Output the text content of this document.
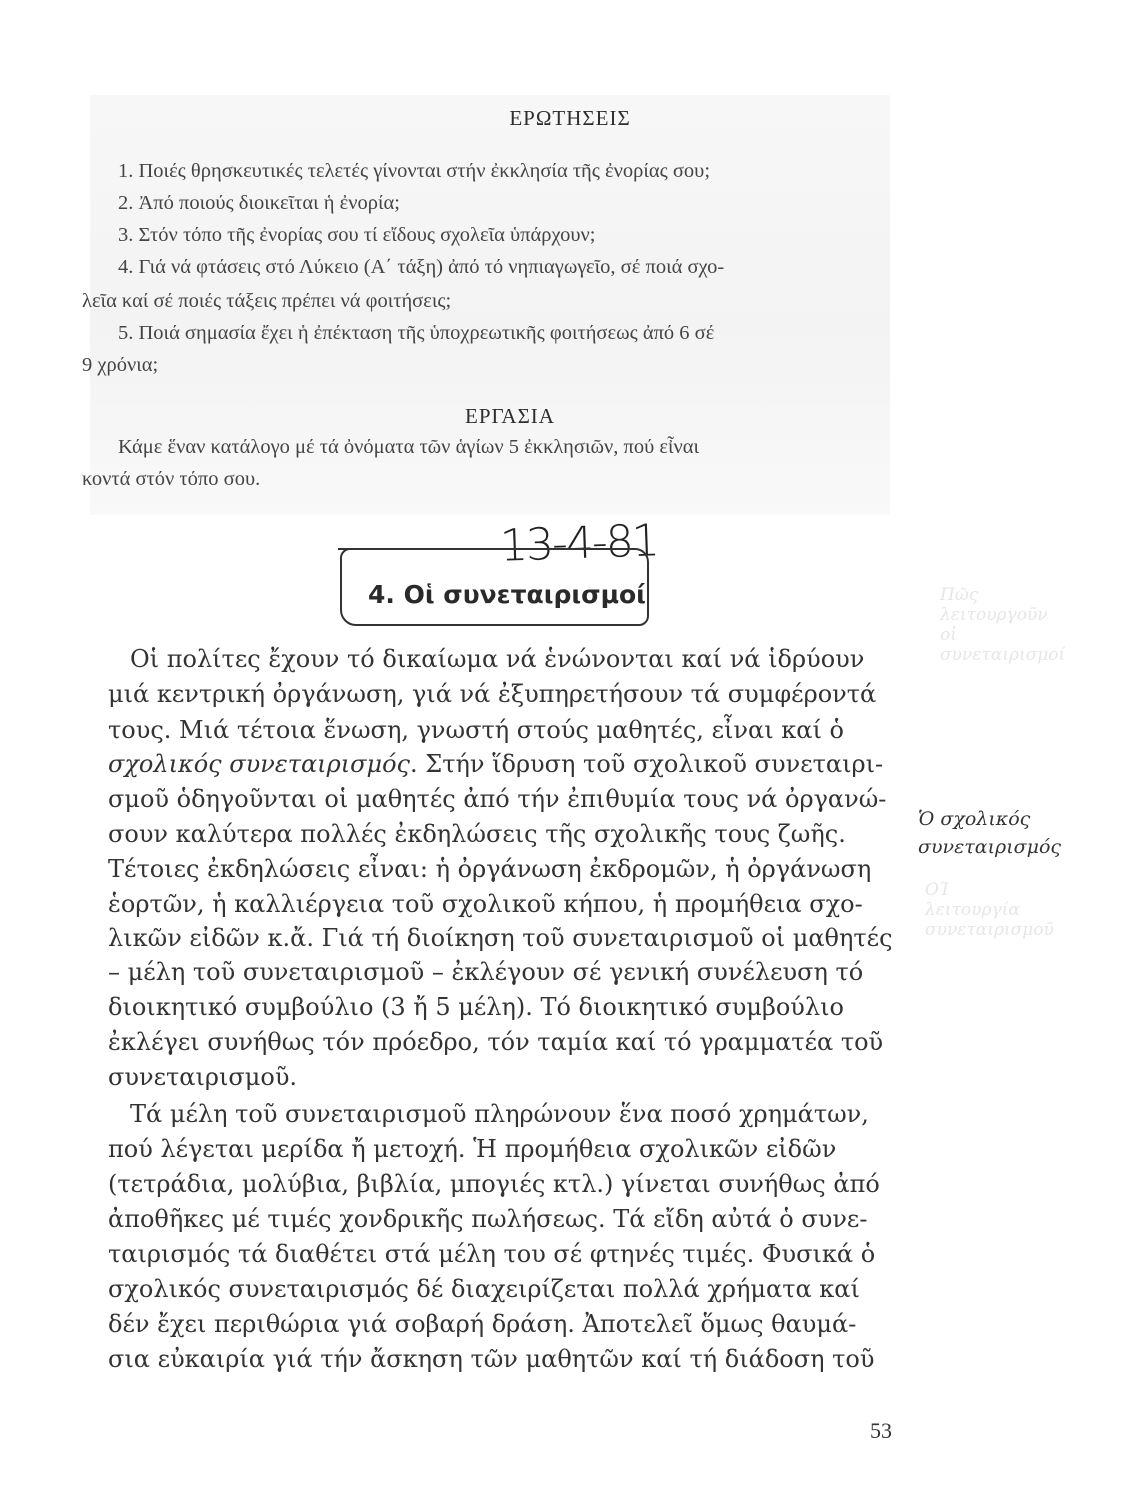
ΕΡΩΤΗΣΕΙΣ
1. Ποιές θρησκευτικές τελετές γίνονται στήν ἐκκλησία τῆς ἐνορίας σου;
2. Ἀπό ποιούς διοικεῖται ἡ ἐνορία;
3. Στόν τόπο τῆς ἐνορίας σου τί εἴδους σχολεῖα ὑπάρχουν;
4. Γιά νά φτάσεις στό Λύκειο (Α΄ τάξη) ἀπό τό νηπιαγωγεῖο, σέ ποιά σχο-
λεῖα καί σέ ποιές τάξεις πρέπει νά φοιτήσεις;
5. Ποιά σημασία ἔχει ἡ ἐπέκταση τῆς ὑποχρεωτικῆς φοιτήσεως ἀπό 6 σέ
9 χρόνια;
ΕΡΓΑΣΙΑ
Κάμε ἕναν κατάλογο μέ τά ὀνόματα τῶν ἁγίων 5 ἐκκλησιῶν, πού εἶναι
κοντά στόν τόπο σου.
13-4-81
4. Οἱ συνεταιρισμοί	Πῶς
λειτουργοῦν
οἱ
συνεταιρισμοί
Οἱ πολίτες ἔχουν τό δικαίωμα νά ἑνώνονται καί νά ἱδρύουν
μιά κεντρική ὀργάνωση, γιά νά ἐξυπηρετήσουν τά συμφέροντά
τους. Μιά τέτοια ἕνωση, γνωστή στούς μαθητές, εἶναι καί ὁ
σχολικός συνεταιρισμός. Στήν ἵδρυση τοῦ σχολικοῦ συνεταιρι-
σμοῦ ὁδηγοῦνται οἱ μαθητές ἀπό τήν ἐπιθυμία τους νά ὀργανώ-
σουν καλύτερα πολλές ἐκδηλώσεις τῆς σχολικῆς τους ζωῆς.
Τέτοιες ἐκδηλώσεις εἶναι: ἡ ὀργάνωση ἐκδρομῶν, ἡ ὀργάνωση
ἑορτῶν, ἡ καλλιέργεια τοῦ σχολικοῦ κήπου, ἡ προμήθεια σχο-
λικῶν εἰδῶν κ.ἄ. Γιά τή διοίκηση τοῦ συνεταιρισμοῦ οἱ μαθητές
– μέλη τοῦ συνεταιρισμοῦ – ἐκλέγουν σέ γενική συνέλευση τό
διοικητικό συμβούλιο (3 ἤ 5 μέλη). Τό διοικητικό συμβούλιο
ἐκλέγει συνήθως τόν πρόεδρο, τόν ταμία καί τό γραμματέα τοῦ
συνεταιρισμοῦ.
Ὁ σχολικός
συνεταιρισμός
ΟΊ
λειτουργία
συνεταιρισμοῦ
Τά μέλη τοῦ συνεταιρισμοῦ πληρώνουν ἕνα ποσό χρημάτων,
πού λέγεται μερίδα ἤ μετοχή. Ἡ προμήθεια σχολικῶν εἰδῶν
(τετράδια, μολύβια, βιβλία, μπογιές κτλ.) γίνεται συνήθως ἀπό
ἀποθῆκες μέ τιμές χονδρικῆς πωλήσεως. Τά εἴδη αὐτά ὁ συνε-
ταιρισμός τά διαθέτει στά μέλη του σέ φτηνές τιμές. Φυσικά ὁ
σχολικός συνεταιρισμός δέ διαχειρίζεται πολλά χρήματα καί
δέν ἔχει περιθώρια γιά σοβαρή δράση. Ἀποτελεῖ ὅμως θαυμά-
σια εὐκαιρία γιά τήν ἄσκηση τῶν μαθητῶν καί τή διάδοση τοῦ
53
